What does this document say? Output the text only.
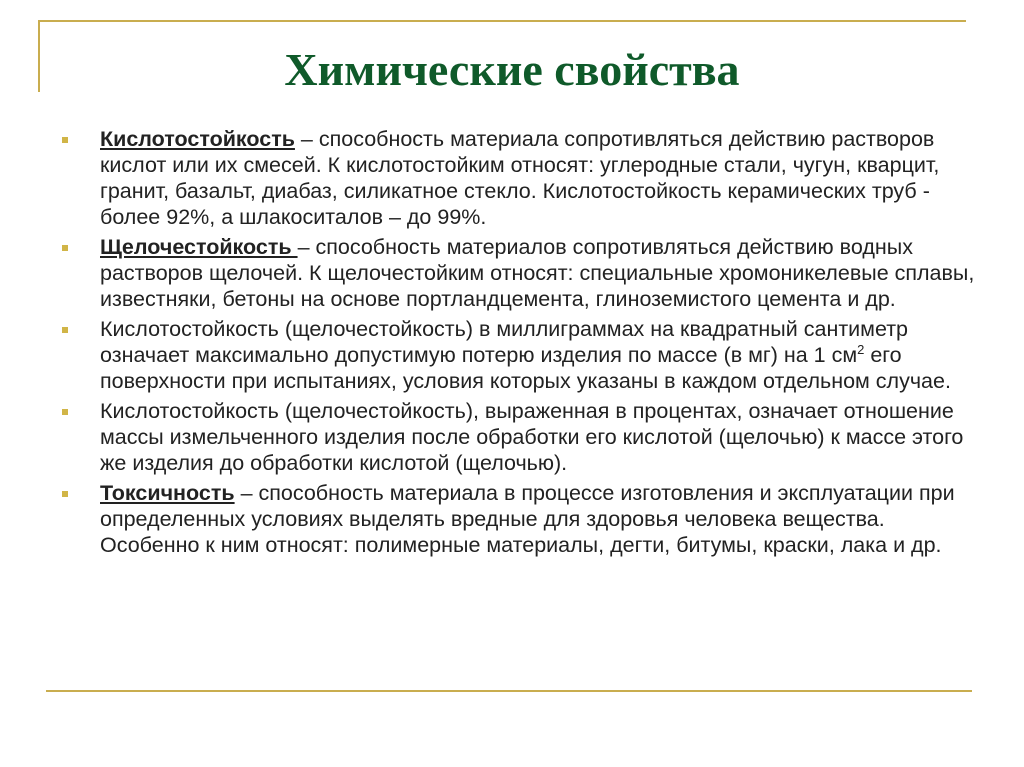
Химические свойства
Кислотостойкость – способность материала сопротивляться действию растворов кислот или их смесей. К кислотостойким относят: углеродные стали, чугун, кварцит, гранит, базальт, диабаз, силикатное стекло. Кислотостойкость керамических труб - более 92%, а шлакоситалов – до 99%.
Щелочестойкость – способность материалов сопротивляться действию водных растворов щелочей. К щелочестойким относят: специальные хромоникелевые сплавы, известняки, бетоны на основе портландцемента, глиноземистого цемента и др.
Кислотостойкость (щелочестойкость) в миллиграммах на квадратный сантиметр означает максимально допустимую потерю изделия по массе (в мг) на 1 $см^2$ его поверхности при испытаниях, условия которых указаны в каждом отдельном случае.
Кислотостойкость (щелочестойкость), выраженная в процентах, означает отношение массы измельченного изделия после обработки его кислотой (щелочью) к массе этого же изделия до обработки кислотой (щелочью).
Токсичность – способность материала в процессе изготовления и эксплуатации при определенных условиях выделять вредные для здоровья человека вещества. Особенно к ним относят: полимерные материалы, дегти, битумы, краски, лака и др.
